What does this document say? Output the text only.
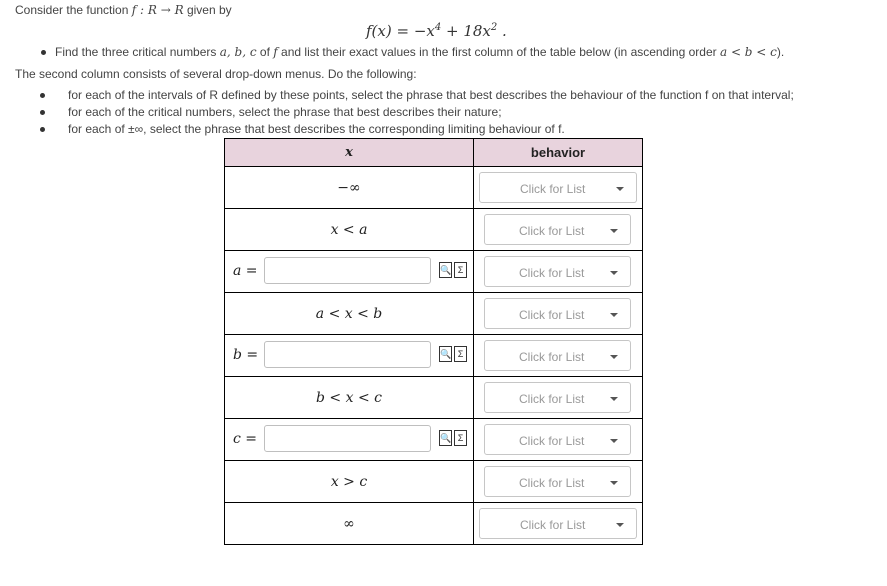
Consider the function f : R → R given by
$f(x) = -x^4 + 18x^2$ .
Find the three critical numbers a, b, c of f and list their exact values in the first column of the table below (in ascending order a < b < c).
The second column consists of several drop-down menus. Do the following:
for each of the intervals of R defined by these points, select the phrase that best describes the behaviour of the function f on that interval;
for each of the critical numbers, select the phrase that best describes their nature;
for each of ±∞, select the phrase that best describes the corresponding limiting behaviour of f.
x	behavior
−∞	Click for List

x < a	Click for List

a = 🔍 Σ	Click for List

a < x < b	Click for List

b = 🔍 Σ	Click for List

b < x < c	Click for List

c = 🔍 Σ	Click for List

x > c	Click for List

∞	Click for List
